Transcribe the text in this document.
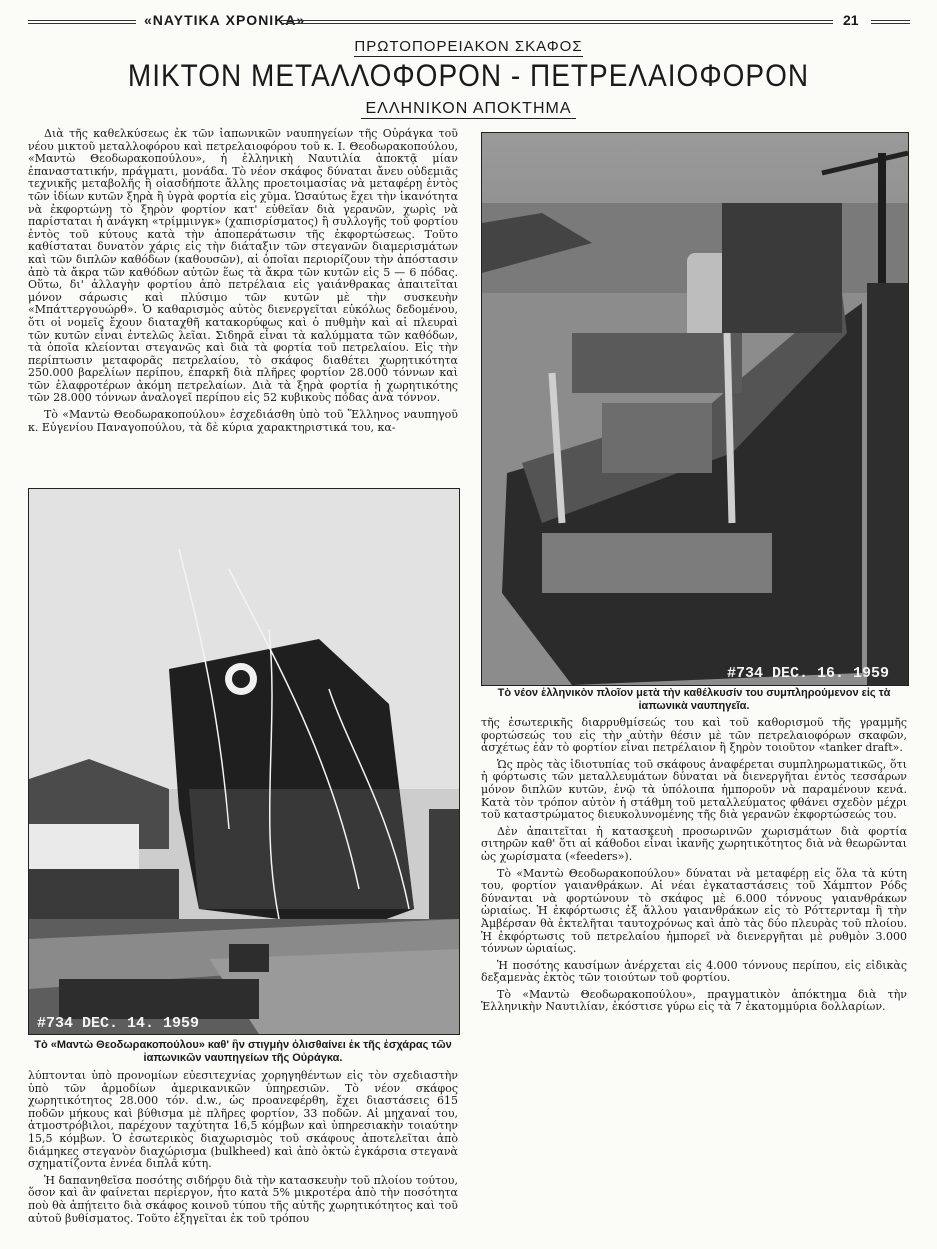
«ΝΑΥΤΙΚΑ ΧΡΟΝΙΚΑ»	21
ΠΡΩΤΟΠΟΡΕΙΑΚΟΝ ΣΚΑΦΟΣ
ΜΙΚΤΟΝ ΜΕΤΑΛΛΟΦΟΡΟΝ - ΠΕΤΡΕΛΑΙΟΦΟΡΟΝ
ΕΛΛΗΝΙΚΟΝ ΑΠΟΚΤΗΜΑ

Διὰ τῆς καθελκύσεως ἐκ τῶν ἰαπωνικῶν ναυπηγείων τῆς Οὐράγκα τοῦ νέου μικτοῦ μεταλλοφόρου καὶ πετρελαιοφόρου τοῦ κ. Ι. Θεοδωρακοπούλου, «Μαντὼ Θεοδωρακοπούλου», ἡ ἑλληνικὴ Ναυτιλία ἀποκτᾷ μίαν ἐπαναστατικήν, πράγματι, μονάδα. Τὸ νέον σκάφος δύναται ἄνευ οὐδεμιᾶς τεχνικῆς μεταβολῆς ἢ οἱασδήποτε ἄλλης προετοιμασίας νὰ μεταφέρῃ ἐντὸς τῶν ἰδίων κυτῶν ξηρὰ ἢ ὑγρὰ φορτία εἰς χῦμα. Ὡσαύτως ἔχει τὴν ἱκανότητα νὰ ἐκφορτώνῃ τὸ ξηρὸν φορτίον κατ' εὐθεῖαν διὰ γερανῶν, χωρὶς νὰ παρίσταται ἡ ἀνάγκη «τρίμμινγκ» (χαπισρίσματος) ἢ συλλογῆς τοῦ φορτίου ἐντὸς τοῦ κύτους κατὰ τὴν ἀποπεράτωσιν τῆς ἐκφορτώσεως. Τοῦτο καθίσταται δυνατὸν χάρις εἰς τὴν διάταξιν τῶν στεγανῶν διαμερισμάτων καὶ τῶν διπλῶν καθόδων (καθουσῶν), αἱ ὁποῖαι περιορίζουν τὴν ἀπόστασιν ἀπὸ τὰ ἄκρα τῶν καθόδων αὐτῶν ἕως τὰ ἄκρα τῶν κυτῶν εἰς 5 — 6 πόδας. Οὕτω, δι' ἀλλαγὴν φορτίου ἀπὸ πετρέλαια εἰς γαιάνθρακας ἀπαιτεῖται μόνον σάρωσις καὶ πλύσιμο τῶν κυτῶν μὲ τὴν συσκευὴν «Μπάττεργουώρθ». Ὁ καθαρισμὸς αὐτὸς διενεργεῖται εὐκόλως δεδομένου, ὅτι οἱ νομεῖς ἔχουν διαταχθῆ κατακορύφως καὶ ὁ πυθμὴν καὶ αἱ πλευραὶ τῶν κυτῶν εἶναι ἐντελῶς λεῖαι. Σιδηρᾶ εἶναι τὰ καλύμματα τῶν καθόδων, τὰ ὁποῖα κλείονται στεγανῶς καὶ διὰ τὰ φορτία τοῦ πετρελαίου. Εἰς τὴν περίπτωσιν μεταφορᾶς πετρελαίου, τὸ σκάφος διαθέτει χωρητικότητα 250.000 βαρελίων περίπου, ἐπαρκῆ διὰ πλῆρες φορτίον 28.000 τόννων καὶ τῶν ἐλαφροτέρων ἀκόμη πετρελαίων. Διὰ τὰ ξηρὰ φορτία ἡ χωρητικότης τῶν 28.000 τόννων ἀναλογεῖ περίπου εἰς 52 κυβικοὺς πόδας ἀνὰ τόννον.

Τὸ «Μαντὼ Θεοδωρακοπούλου» ἐσχεδιάσθη ὑπὸ τοῦ Ἕλληνος ναυπηγοῦ κ. Εὐγενίου Παναγοπούλου, τὰ δὲ κύρια χαρακτηριστικά του, κα-

#734 DEC. 16. 1959
Τὸ νέον ἑλληνικὸν πλοῖον μετὰ τὴν καθέλκυσίν του συμπληρούμενον εἰς τὰ ἰαπωνικὰ ναυπηγεῖα.
#734 DEC. 14. 1959
Τὸ «Μαντὼ Θεοδωρακοπούλου» καθ' ἣν στιγμὴν ὀλισθαίνει ἐκ τῆς ἐσχάρας τῶν ἰαπωνικῶν ναυπηγείων τῆς Οὐράγκα.

λύπτονται ὑπὸ προνομίων εὐεσιτεχνίας χορηγηθέντων εἰς τὸν σχεδιαστὴν ὑπὸ τῶν ἁρμοδίων ἀμερικανικῶν ὑπηρεσιῶν. Τὸ νέον σκάφος χωρητικότητος 28.000 τόν. d.w., ὡς προανεφέρθη, ἔχει διαστάσεις 615 ποδῶν μήκους καὶ βύθισμα μὲ πλῆρες φορτίον, 33 ποδῶν. Αἱ μηχαναί του, ἀτμοστρόβιλοι, παρέχουν ταχύτητα 16,5 κόμβων καὶ ὑπηρεσιακὴν τοιαύτην 15,5 κόμβων. Ὁ ἐσωτερικὸς διαχωρισμὸς τοῦ σκάφους ἀποτελεῖται ἀπὸ διάμηκες στεγανὸν διαχώρισμα (bulkheed) καὶ ἀπὸ ὀκτὼ ἐγκάρσια στεγανὰ σχηματίζοντα ἐννέα διπλᾶ κύτη.

Ἡ δαπανηθεῖσα ποσότης σιδήρου διὰ τὴν κατασκευὴν τοῦ πλοίου τούτου, ὅσον καὶ ἂν φαίνεται περίεργον, ἦτο κατὰ 5% μικροτέρα ἀπὸ τὴν ποσότητα ποὺ θὰ ἀπῄτειτο διὰ σκάφος κοινοῦ τύπου τῆς αὐτῆς χωρητικότητος καὶ τοῦ αὐτοῦ βυθίσματος. Τοῦτο ἐξηγεῖται ἐκ τοῦ τρόπου

τῆς ἐσωτερικῆς διαρρυθμίσεώς του καὶ τοῦ καθορισμοῦ τῆς γραμμῆς φορτώσεώς του εἰς τὴν αὐτὴν θέσιν μὲ τῶν πετρελαιοφόρων σκαφῶν, ἀσχέτως ἐὰν τὸ φορτίον εἶναι πετρέλαιον ἢ ξηρὸν τοιοῦτον «tanker draft».

Ὡς πρὸς τὰς ἰδιοτυπίας τοῦ σκάφους ἀναφέρεται συμπληρωματικῶς, ὅτι ἡ φόρτωσις τῶν μεταλλευμάτων δύναται νὰ διενεργῆται ἐντὸς τεσσάρων μόνον διπλῶν κυτῶν, ἐνῷ τὰ ὑπόλοιπα ἠμποροῦν νὰ παραμένουν κενά. Κατὰ τὸν τρόπον αὐτὸν ἡ στάθμη τοῦ μεταλλεύματος φθάνει σχεδὸν μέχρι τοῦ καταστρώματος διευκολυνομένης τῆς διὰ γερανῶν ἐκφορτώσεώς του.

Δὲν ἀπαιτεῖται ἡ κατασκευὴ προσωρινῶν χωρισμάτων διὰ φορτία σιτηρῶν καθ' ὅτι αἱ κάθοδοι εἶναι ἱκανῆς χωρητικότητος διὰ νὰ θεωρῶνται ὡς χωρίσματα («feeders»).

Τὸ «Μαντὼ Θεοδωρακοπούλου» δύναται νὰ μεταφέρῃ εἰς ὅλα τὰ κύτη του, φορτίον γαιανθράκων. Αἱ νέαι ἐγκαταστάσεις τοῦ Χάμπτον Ρόδς δύνανται νὰ φορτώνουν τὸ σκάφος μὲ 6.000 τόννους γαιανθράκων ὡριαίως. Ἡ ἐκφόρτωσις ἐξ ἄλλου γαιανθράκων εἰς τὸ Ρόττερνταμ ἢ τὴν Ἀμβέρσαν θὰ ἐκτελῆται ταυτοχρόνως καὶ ἀπὸ τὰς δύο πλευρὰς τοῦ πλοίου. Ἡ ἐκφόρτωσις τοῦ πετρελαίου ἠμπορεῖ νὰ διενεργῆται μὲ ρυθμὸν 3.000 τόννων ὡριαίως.

Ἡ ποσότης καυσίμων ἀνέρχεται εἰς 4.000 τόννους περίπου, εἰς εἰδικὰς δεξαμενὰς ἐκτὸς τῶν τοιούτων τοῦ φορτίου.

Τὸ «Μαντὼ Θεοδωρακοπούλου», πραγματικὸν ἀπόκτημα διὰ τὴν Ἑλληνικὴν Ναυτιλίαν, ἐκόστισε γύρω εἰς τὰ 7 ἑκατομμύρια δολλαρίων.
